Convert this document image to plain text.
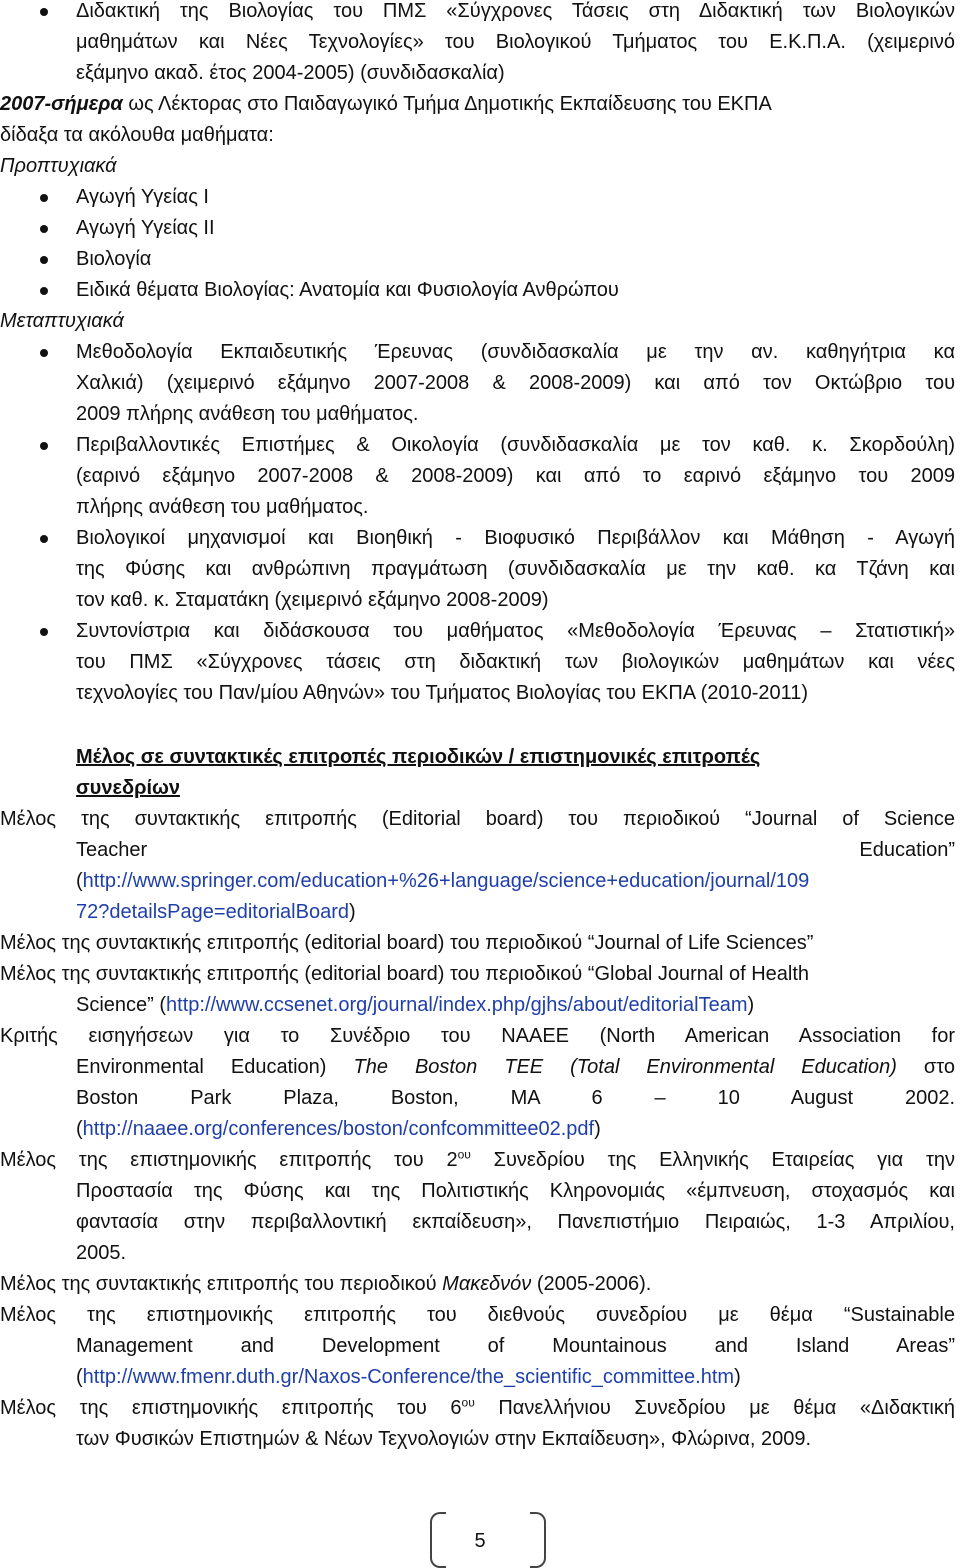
Διδακτική της Βιολογίας του ΠΜΣ «Σύγχρονες Τάσεις στη Διδακτική των Βιολογικών
μαθημάτων και Νέες Τεχνολογίες» του Βιολογικού Τμήματος του Ε.Κ.Π.Α. (χειμερινό
εξάμηνο ακαδ. έτος 2004-2005) (συνδιδασκαλία)
2007-σήμερα ως Λέκτορας στο Παιδαγωγικό Τμήμα Δημοτικής Εκπαίδευσης του ΕΚΠΑ
δίδαξα τα ακόλουθα μαθήματα:
Προπτυχιακά
Αγωγή Υγείας Ι
Αγωγή Υγείας ΙΙ
Βιολογία
Ειδικά θέματα Βιολογίας: Ανατομία και Φυσιολογία Ανθρώπου
Μεταπτυχιακά
Μεθοδολογία Εκπαιδευτικής Έρευνας (συνδιδασκαλία με την αν. καθηγήτρια κα
Χαλκιά) (χειμερινό εξάμηνο 2007-2008 & 2008-2009) και από τον Οκτώβριο του
2009 πλήρης ανάθεση του μαθήματος.
Περιβαλλοντικές Επιστήμες & Οικολογία (συνδιδασκαλία με τον καθ. κ. Σκορδούλη)
(εαρινό εξάμηνο 2007-2008 & 2008-2009) και από το εαρινό εξάμηνο του 2009
πλήρης ανάθεση του μαθήματος.
Βιολογικοί μηχανισμοί και Βιοηθική - Βιοφυσικό Περιβάλλον και Μάθηση - Αγωγή
της Φύσης και ανθρώπινη πραγμάτωση (συνδιδασκαλία με την καθ. κα Τζάνη και
τον καθ. κ. Σταματάκη (χειμερινό εξάμηνο 2008-2009)
Συντονίστρια και διδάσκουσα του μαθήματος «Μεθοδολογία Έρευνας – Στατιστική»
του ΠΜΣ «Σύγχρονες τάσεις στη διδακτική των βιολογικών μαθημάτων και νέες
τεχνολογίες του Παν/μίου Αθηνών» του Τμήματος Βιολογίας του ΕΚΠΑ (2010-2011)
Μέλος σε συντακτικές επιτροπές περιοδικών / επιστημονικές επιτροπές
συνεδρίων
Μέλος της συντακτικής επιτροπής (Editorial board) του περιοδικού “Journal of Science
Teacher                                                                                    Education”
(http://www.springer.com/education+%26+language/science+education/journal/109
72?detailsPage=editorialBoard)
Μέλος της συντακτικής επιτροπής (editorial board) του περιοδικού “Journal of Life Sciences”
Μέλος της συντακτικής επιτροπής (editorial board) του περιοδικού “Global Journal of Health
Science” (http://www.ccsenet.org/journal/index.php/gjhs/about/editorialTeam)
Κριτής εισηγήσεων για το Συνέδριο του NAAEE (North American Association for
Environmental Education) The Boston TEE (Total Environmental Education) στο
Boston Park Plaza, Boston, MA 6 – 10 August 2002.
(http://naaee.org/conferences/boston/confcommittee02.pdf)
Μέλος της επιστημονικής επιτροπής του $2^{o\upsilon}$ Συνεδρίου της Ελληνικής Εταιρείας για την
Προστασία της Φύσης και της Πολιτιστικής Κληρονομιάς «έμπνευση, στοχασμός και
φαντασία στην περιβαλλοντική εκπαίδευση», Πανεπιστήμιο Πειραιώς, 1-3 Απριλίου,
2005.
Μέλος της συντακτικής επιτροπής του περιοδικού Μακεδνόν (2005-2006).
Μέλος της επιστημονικής επιτροπής του διεθνούς συνεδρίου με θέμα “Sustainable
Management and Development of Mountainous and Island Areas”
(http://www.fmenr.duth.gr/Naxos-Conference/the_scientific_committee.htm)
Μέλος της επιστημονικής επιτροπής του $6^{o\upsilon}$ Πανελλήνιου Συνεδρίου με θέμα «Διδακτική
των Φυσικών Επιστημών & Νέων Τεχνολογιών στην Εκπαίδευση», Φλώρινα, 2009.
5
